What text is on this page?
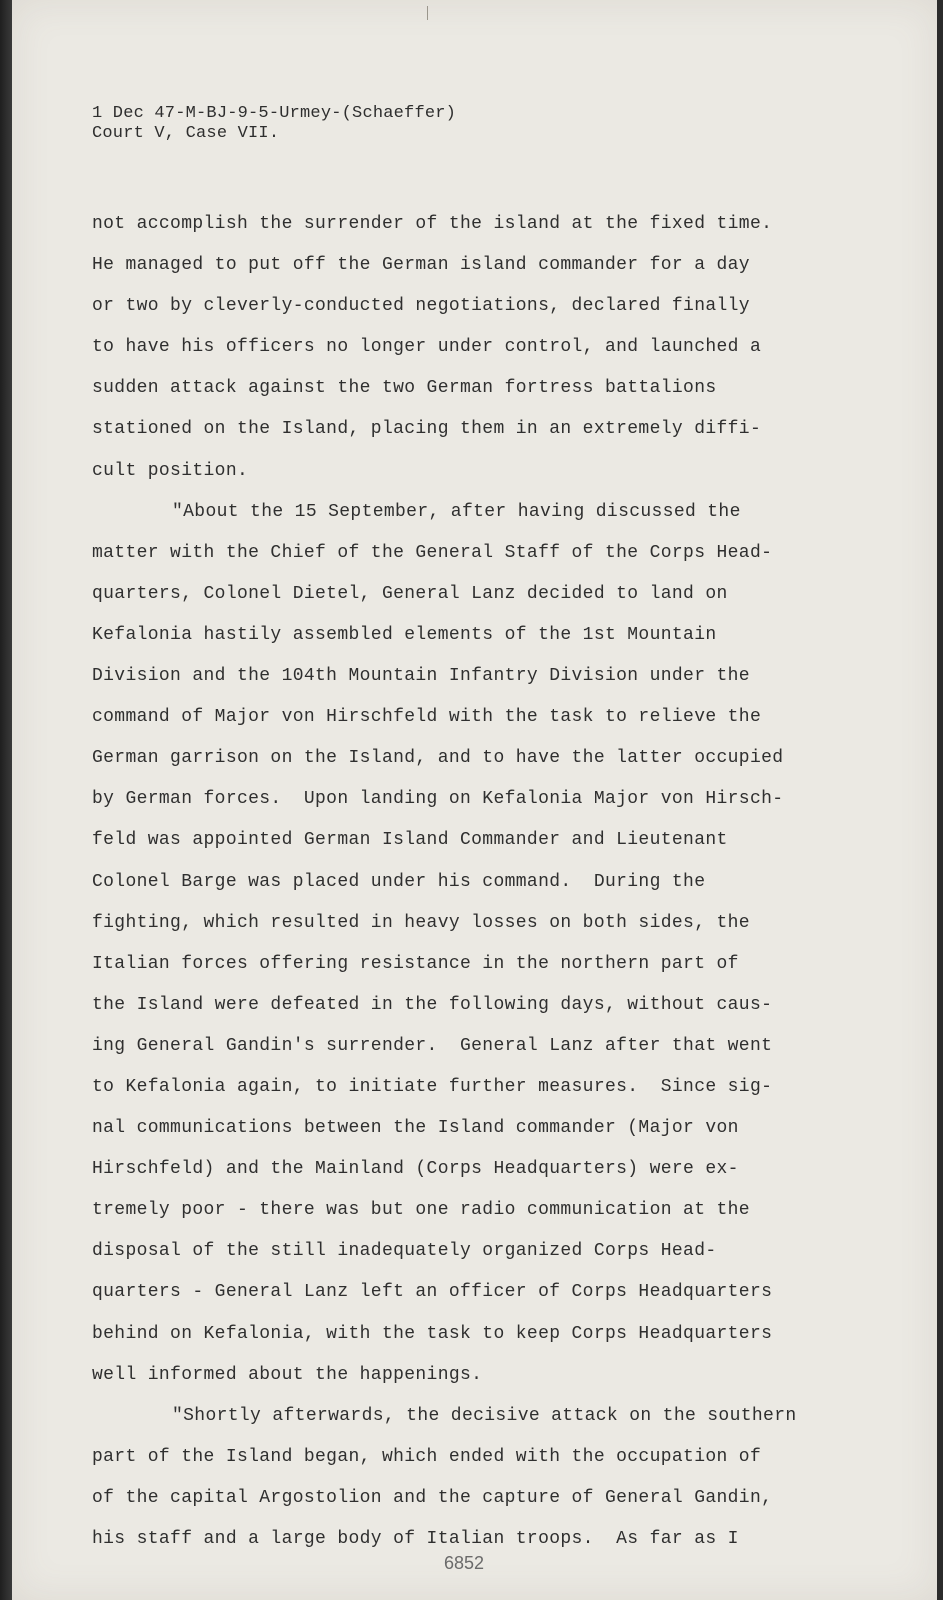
1 Dec 47-M-BJ-9-5-Urmey-(Schaeffer)
Court V, Case VII.
not accomplish the surrender of the island at the fixed time.
He managed to put off the German island commander for a day
or two by cleverly-conducted negotiations, declared finally
to have his officers no longer under control, and launched a
sudden attack against the two German fortress battalions
stationed on the Island, placing them in an extremely diffi-
cult position.
"About the 15 September, after having discussed the
matter with the Chief of the General Staff of the Corps Head-
quarters, Colonel Dietel, General Lanz decided to land on
Kefalonia hastily assembled elements of the 1st Mountain
Division and the 104th Mountain Infantry Division under the
command of Major von Hirschfeld with the task to relieve the
German garrison on the Island, and to have the latter occupied
by German forces.  Upon landing on Kefalonia Major von Hirsch-
feld was appointed German Island Commander and Lieutenant
Colonel Barge was placed under his command.  During the
fighting, which resulted in heavy losses on both sides, the
Italian forces offering resistance in the northern part of
the Island were defeated in the following days, without caus-
ing General Gandin's surrender.  General Lanz after that went
to Kefalonia again, to initiate further measures.  Since sig-
nal communications between the Island commander (Major von
Hirschfeld) and the Mainland (Corps Headquarters) were ex-
tremely poor - there was but one radio communication at the
disposal of the still inadequately organized Corps Head-
quarters - General Lanz left an officer of Corps Headquarters
behind on Kefalonia, with the task to keep Corps Headquarters
well informed about the happenings.
"Shortly afterwards, the decisive attack on the southern
part of the Island began, which ended with the occupation of
of the capital Argostolion and the capture of General Gandin,
his staff and a large body of Italian troops.  As far as I
6852
